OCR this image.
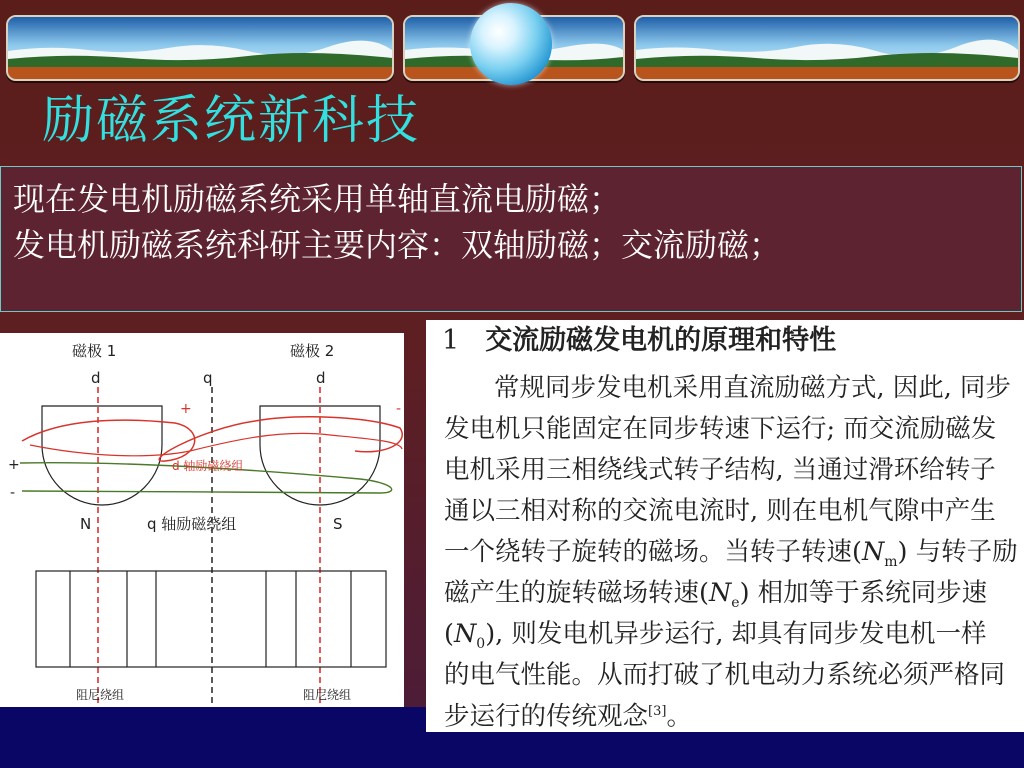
励磁系统新科技
现在发电机励磁系统采用单轴直流电励磁；
发电机励磁系统科研主要内容：双轴励磁；交流励磁；
磁极 1	磁极 2
d	q	d
+	-
+
-
d 轴励磁绕组
N	S
q 轴励磁绕组
阻尼绕组	阻尼绕组
1 交流励磁发电机的原理和特性
常规同步发电机采用直流励磁方式, 因此, 同步
发电机只能固定在同步转速下运行; 而交流励磁发
电机采用三相绕线式转子结构, 当通过滑环给转子
通以三相对称的交流电流时, 则在电机气隙中产生
一个绕转子旋转的磁场。当转子转速$(N_m)$ 与转子励
磁产生的旋转磁场转速$(N_e)$ 相加等于系统同步速
$(N_0)$, 则发电机异步运行, 却具有同步发电机一样
的电气性能。从而打破了机电动力系统必须严格同
步运行的传统观念[3]。
